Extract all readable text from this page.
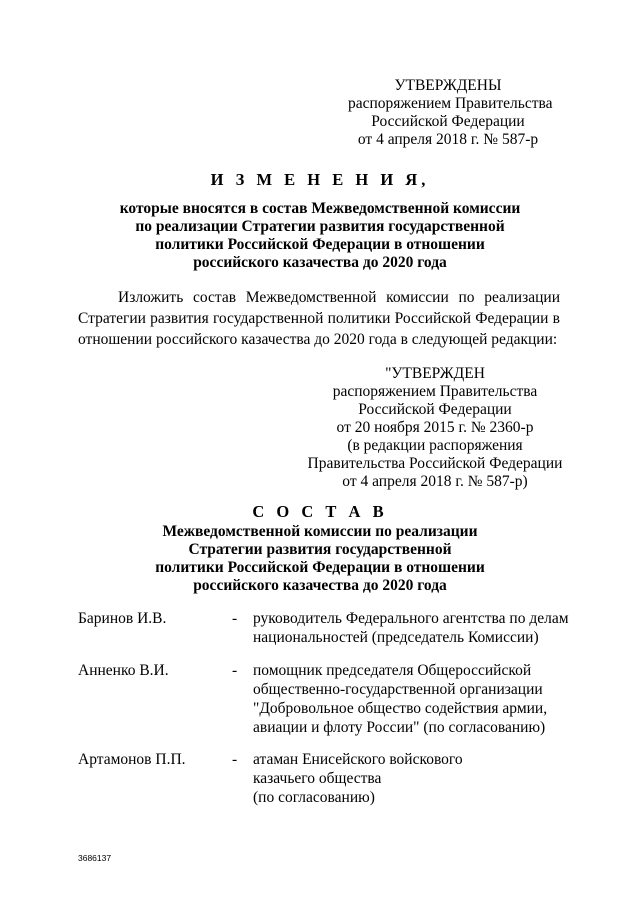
УТВЕРЖДЕНЫ
распоряжением Правительства
Российской Федерации
от 4 апреля 2018 г. № 587-р
И З М Е Н Е Н И Я,
которые вносятся в состав Межведомственной комиссии
по реализации Стратегии развития государственной
политики Российской Федерации в отношении
российского казачества до 2020 года
Изложить состав Межведомственной комиссии по реализации
Стратегии развития государственной политики Российской Федерации в
отношении российского казачества до 2020 года в следующей редакции:
"УТВЕРЖДЕН
распоряжением Правительства
Российской Федерации
от 20 ноября 2015 г. № 2360-р
(в редакции распоряжения
Правительства Российской Федерации
от 4 апреля 2018 г. № 587-р)
С О С Т А В
Межведомственной комиссии по реализации
Стратегии развития государственной
политики Российской Федерации в отношении
российского казачества до 2020 года
Баринов И.В.	- руководитель Федерального агентства по делам
национальностей (председатель Комиссии)
Анненко В.И.	- помощник председателя Общероссийской
общественно-государственной организации
"Добровольное общество содействия армии,
авиации и флоту России" (по согласованию)
Артамонов П.П.	- атаман Енисейского войскового
казачьего общества
(по согласованию)
3686137
